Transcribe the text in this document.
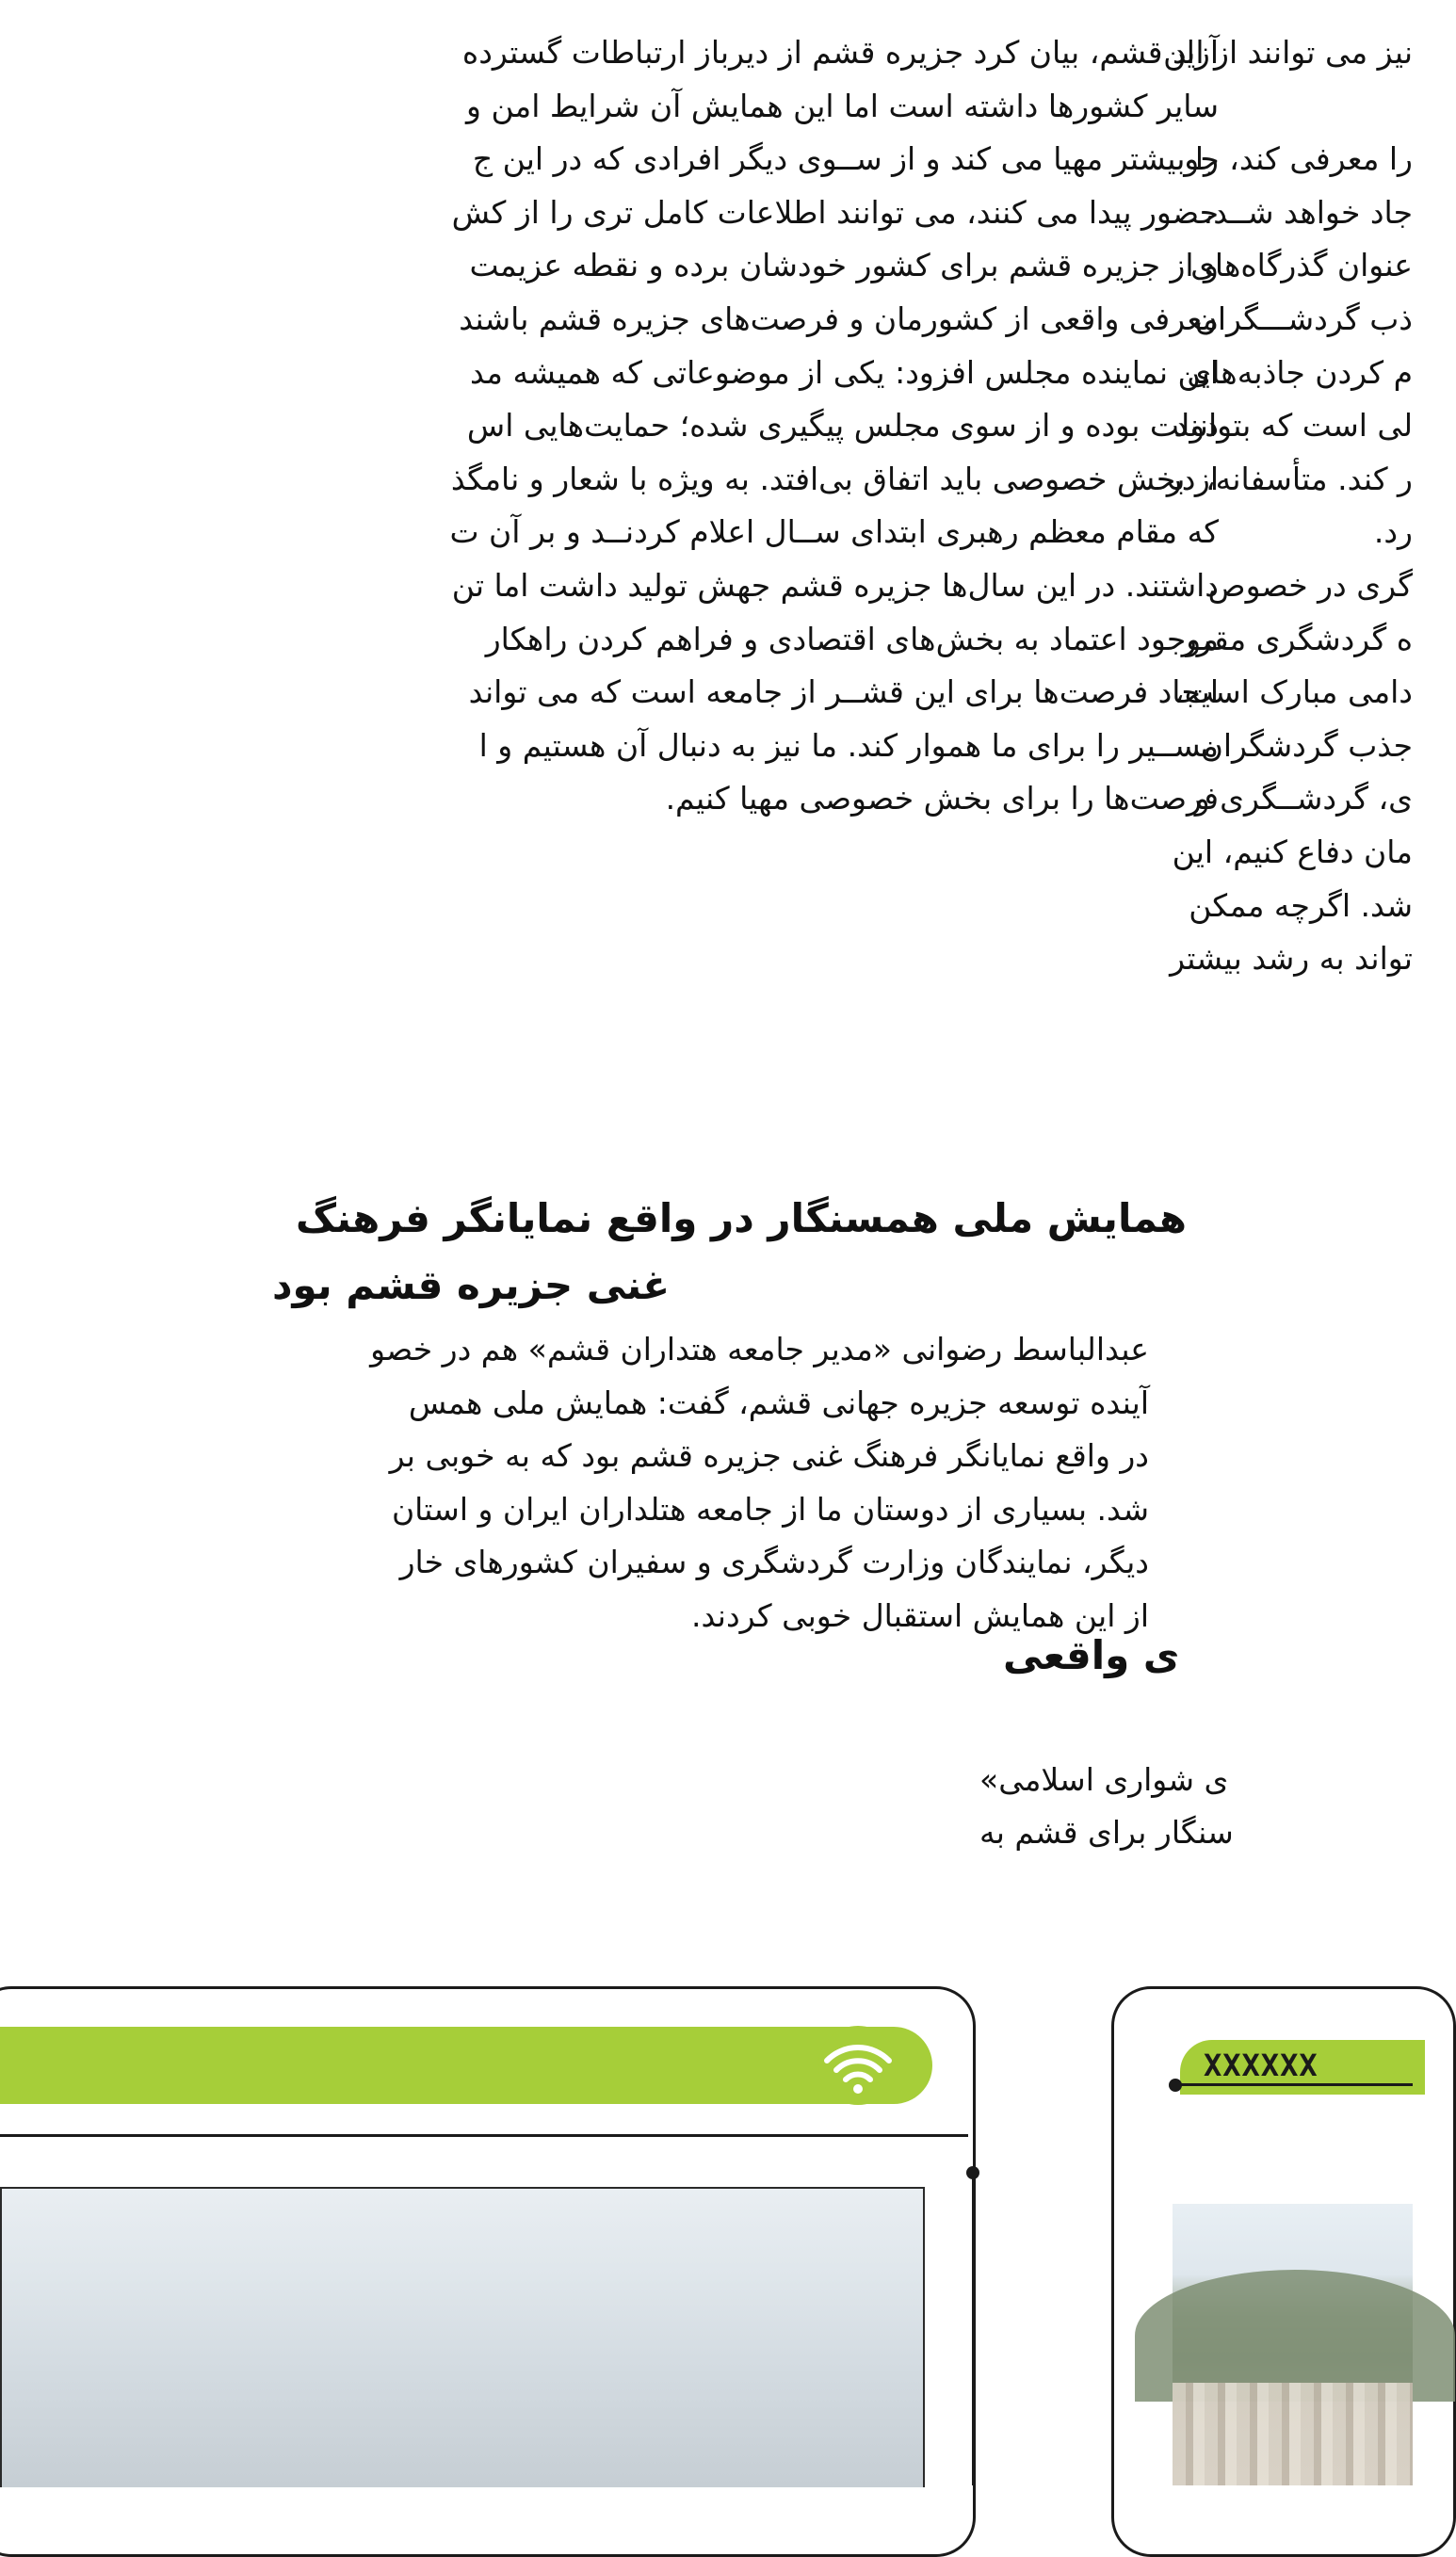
نیز می توانند از این
را معرفی کند، جو
جاد خواهد شــد،
عنوان گذرگاه‌های
ذب گردشـــگران
م کردن جاذبه‌های
لی است که بتوانند
ر کند. متأسفانه، در
رد.
گری در خصوص
ه گردشگری مقرر
دامی مبارک است،
جذب گردشگران
ی، گردشــگری و
مان دفاع کنیم، این
شد. اگرچه ممکن
تواند به رشد بیشتر
آزاد قشم، بیان کرد جزیره قشم از دیرباز ارتباطات گسترده
سایر کشورها داشته است اما این همایش آن شرایط امن و
را بیشتر مهیا می کند و از ســوی دیگر افرادی که در این ج
حضور پیدا می کنند، می توانند اطلاعات کامل تری را از کش
و از جزیره قشم برای کشور خودشان برده و نقطه عزیمت
معرفی واقعی از کشورمان و فرصت‌های جزیره قشم باشند
این نماینده مجلس افزود: یکی از موضوعاتی که همیشه مد
دولت بوده و از سوی مجلس پیگیری شده؛ حمایت‌هایی اس
از بخش خصوصی باید اتفاق بی‌افتد. به ویژه با شعار و نامگذ
که مقام معظم رهبری ابتدای ســال اعلام کردنــد و بر آن ت
داشتند. در این سال‌ها جزیره قشم جهش تولید داشت اما تن
موجود اعتماد به بخش‌های اقتصادی و فراهم کردن راهکار
ایجاد فرصت‌ها برای این قشــر از جامعه است که می تواند
مســیر را برای ما هموار کند. ما نیز به دنبال آن هستیم و ا
فرصت‌ها را برای بخش خصوصی مهیا کنیم.
همایش ملی همسنگار در واقع نمایانگر فرهنگ
غنی جزیره قشم بود
عبدالباسط رضوانی «مدیر جامعه هتداران قشم» هم در خصو
آینده توسعه جزیره جهانی قشم، گفت: همایش ملی همس
در واقع نمایانگر فرهنگ غنی جزیره قشم بود که به خوبی بر
شد. بسیاری از دوستان ما از جامعه هتلداران ایران و استان
دیگر، نمایندگان وزارت گردشگری و سفیران کشورهای خار
از این همایش استقبال خوبی کردند.
ی واقعی
ی شواری اسلامی»
سنگار برای قشم به
XXXXXX
